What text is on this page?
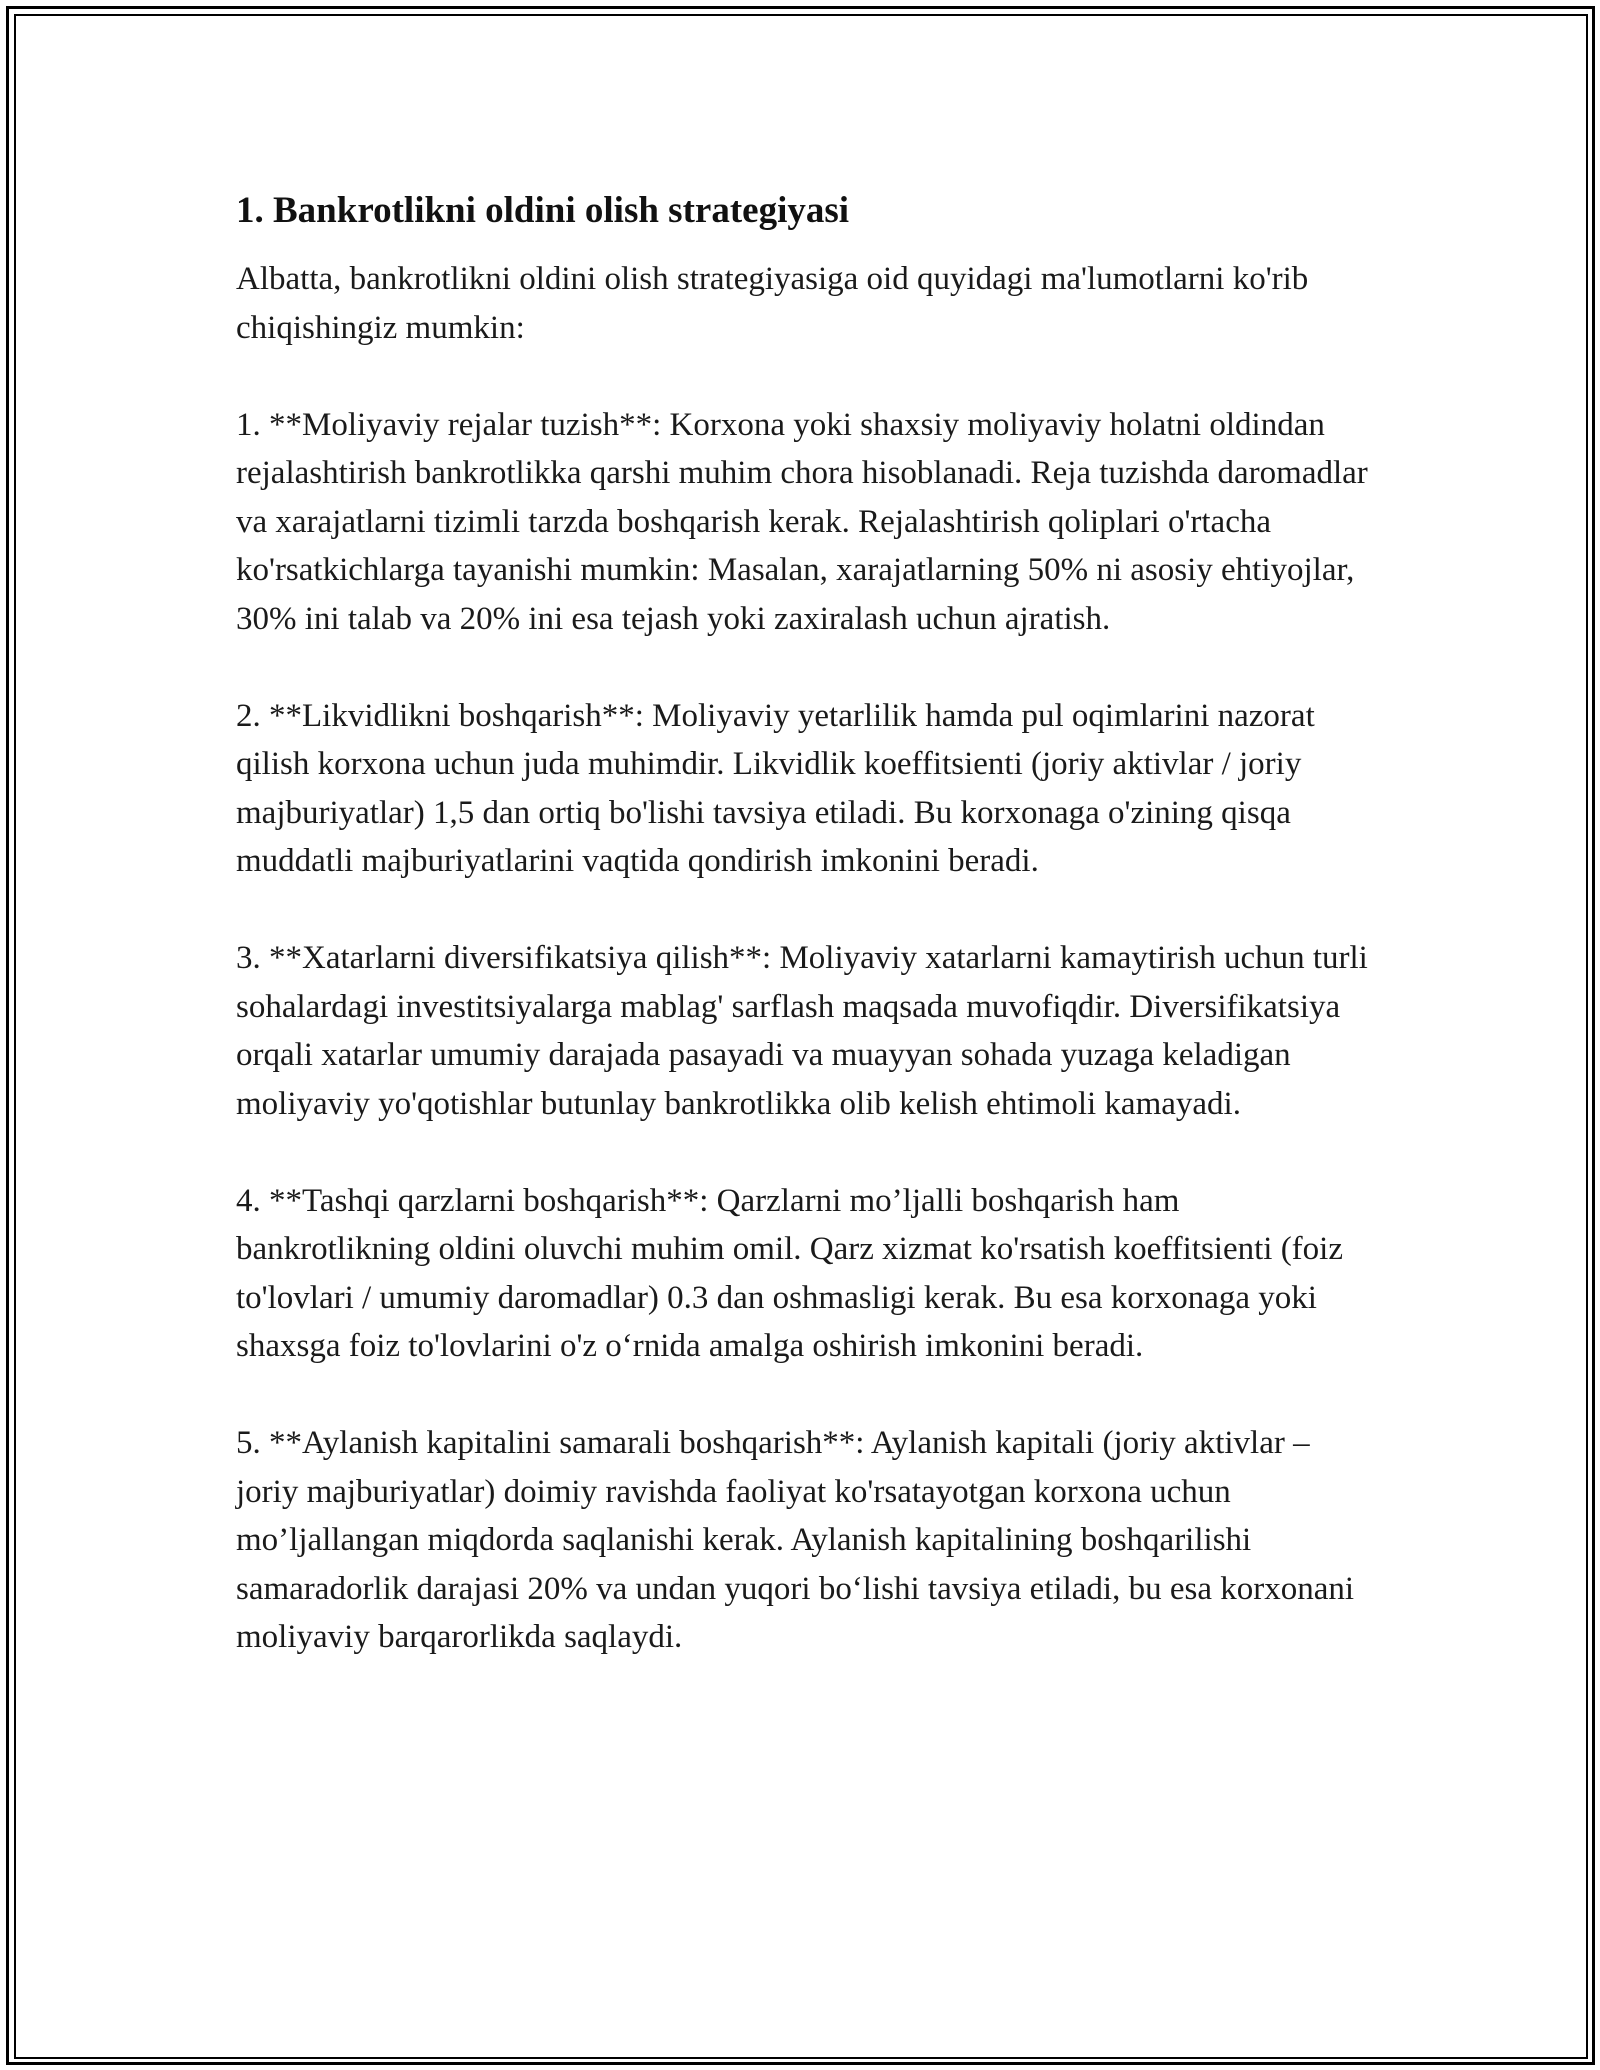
1. Bankrotlikni oldini olish strategiyasi

Albatta, bankrotlikni oldini olish strategiyasiga oid quyidagi ma'lumotlarni ko'rib chiqishingiz mumkin:

1. **Moliyaviy rejalar tuzish**: Korxona yoki shaxsiy moliyaviy holatni oldindan rejalashtirish bankrotlikka qarshi muhim chora hisoblanadi. Reja tuzishda daromadlar va xarajatlarni tizimli tarzda boshqarish kerak. Rejalashtirish qoliplari o'rtacha ko'rsatkichlarga tayanishi mumkin: Masalan, xarajatlarning 50% ni asosiy ehtiyojlar, 30% ini talab va 20% ini esa tejash yoki zaxiralash uchun ajratish.

2. **Likvidlikni boshqarish**: Moliyaviy yetarlilik hamda pul oqimlarini nazorat qilish korxona uchun juda muhimdir. Likvidlik koeffitsienti (joriy aktivlar / joriy majburiyatlar) 1,5 dan ortiq bo'lishi tavsiya etiladi. Bu korxonaga o'zining qisqa muddatli majburiyatlarini vaqtida qondirish imkonini beradi.

3. **Xatarlarni diversifikatsiya qilish**: Moliyaviy xatarlarni kamaytirish uchun turli sohalardagi investitsiyalarga mablag' sarflash maqsada muvofiqdir. Diversifikatsiya orqali xatarlar umumiy darajada pasayadi va muayyan sohada yuzaga keladigan moliyaviy yo'qotishlar butunlay bankrotlikka olib kelish ehtimoli kamayadi.

4. **Tashqi qarzlarni boshqarish**: Qarzlarni mo’ljalli boshqarish ham bankrotlikning oldini oluvchi muhim omil. Qarz xizmat ko'rsatish koeffitsienti (foiz to'lovlari / umumiy daromadlar) 0.3 dan oshmasligi kerak. Bu esa korxonaga yoki shaxsga foiz to'lovlarini o'z o‘rnida amalga oshirish imkonini beradi.

5. **Aylanish kapitalini samarali boshqarish**: Aylanish kapitali (joriy aktivlar – joriy majburiyatlar) doimiy ravishda faoliyat ko'rsatayotgan korxona uchun mo’ljallangan miqdorda saqlanishi kerak. Aylanish kapitalining boshqarilishi samaradorlik darajasi 20% va undan yuqori bo‘lishi tavsiya etiladi, bu esa korxonani moliyaviy barqarorlikda saqlaydi.
